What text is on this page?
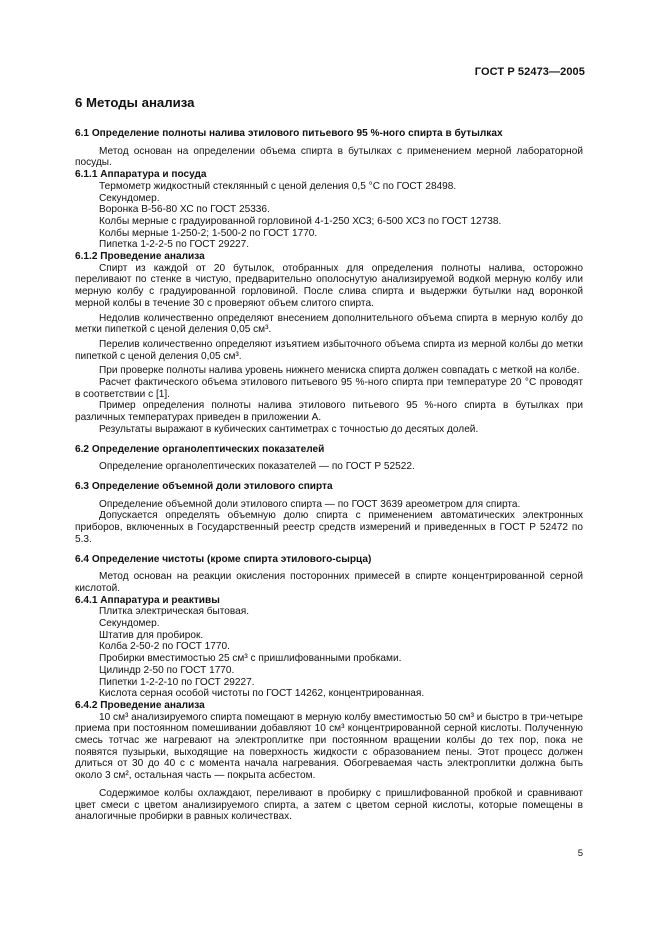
ГОСТ Р 52473—2005
6 Методы анализа
6.1 Определение полноты налива этилового питьевого 95 %-ного спирта в бутылках
Метод основан на определении объема спирта в бутылках с применением мерной лабораторной посуды.
6.1.1 Аппаратура и посуда
Термометр жидкостный стеклянный с ценой деления 0,5 °С по ГОСТ 28498.
Секундомер.
Воронка В-56-80 ХС по ГОСТ 25336.
Колбы мерные с градуированной горловиной 4-1-250 ХС3; 6-500 ХС3 по ГОСТ 12738.
Колбы мерные 1-250-2; 1-500-2 по ГОСТ 1770.
Пипетка 1-2-2-5 по ГОСТ 29227.
6.1.2 Проведение анализа
Спирт из каждой от 20 бутылок, отобранных для определения полноты налива, осторожно переливают по стенке в чистую, предварительно ополоснутую анализируемой водкой мерную колбу или мерную колбу с градуированной горловиной. После слива спирта и выдержки бутылки над воронкой мерной колбы в течение 30 с проверяют объем слитого спирта.
Недолив количественно определяют внесением дополнительного объема спирта в мерную колбу до метки пипеткой с ценой деления 0,05 см³.
Перелив количественно определяют изъятием избыточного объема спирта из мерной колбы до метки пипеткой с ценой деления 0,05 см³.
При проверке полноты налива уровень нижнего мениска спирта должен совпадать с меткой на колбе.
Расчет фактического объема этилового питьевого 95 %-ного спирта при температуре 20 °С проводят в соответствии с [1].
Пример определения полноты налива этилового питьевого 95 %-ного спирта в бутылках при различных температурах приведен в приложении А.
Результаты выражают в кубических сантиметрах с точностью до десятых долей.
6.2 Определение органолептических показателей
Определение органолептических показателей — по ГОСТ Р 52522.
6.3 Определение объемной доли этилового спирта
Определение объемной доли этилового спирта — по ГОСТ 3639 ареометром для спирта.
Допускается определять объемную долю спирта с применением автоматических электронных приборов, включенных в Государственный реестр средств измерений и приведенных в ГОСТ Р 52472 по 5.3.
6.4 Определение чистоты (кроме спирта этилового-сырца)
Метод основан на реакции окисления посторонних примесей в спирте концентрированной серной кислотой.
6.4.1 Аппаратура и реактивы
Плитка электрическая бытовая.
Секундомер.
Штатив для пробирок.
Колба 2-50-2 по ГОСТ 1770.
Пробирки вместимостью 25 см³ с пришлифованными пробками.
Цилиндр 2-50 по ГОСТ 1770.
Пипетки 1-2-2-10 по ГОСТ 29227.
Кислота серная особой чистоты по ГОСТ 14262, концентрированная.
6.4.2 Проведение анализа
10 см³ анализируемого спирта помещают в мерную колбу вместимостью 50 см³ и быстро в три-четыре приема при постоянном помешивании добавляют 10 см³ концентрированной серной кислоты. Полученную смесь тотчас же нагревают на электроплитке при постоянном вращении колбы до тех пор, пока не появятся пузырьки, выходящие на поверхность жидкости с образованием пены. Этот процесс должен длиться от 30 до 40 с с момента начала нагревания. Обогреваемая часть электроплитки должна быть около 3 см², остальная часть — покрыта асбестом.
Содержимое колбы охлаждают, переливают в пробирку с пришлифованной пробкой и сравнивают цвет смеси с цветом анализируемого спирта, а затем с цветом серной кислоты, которые помещены в аналогичные пробирки в равных количествах.
5
